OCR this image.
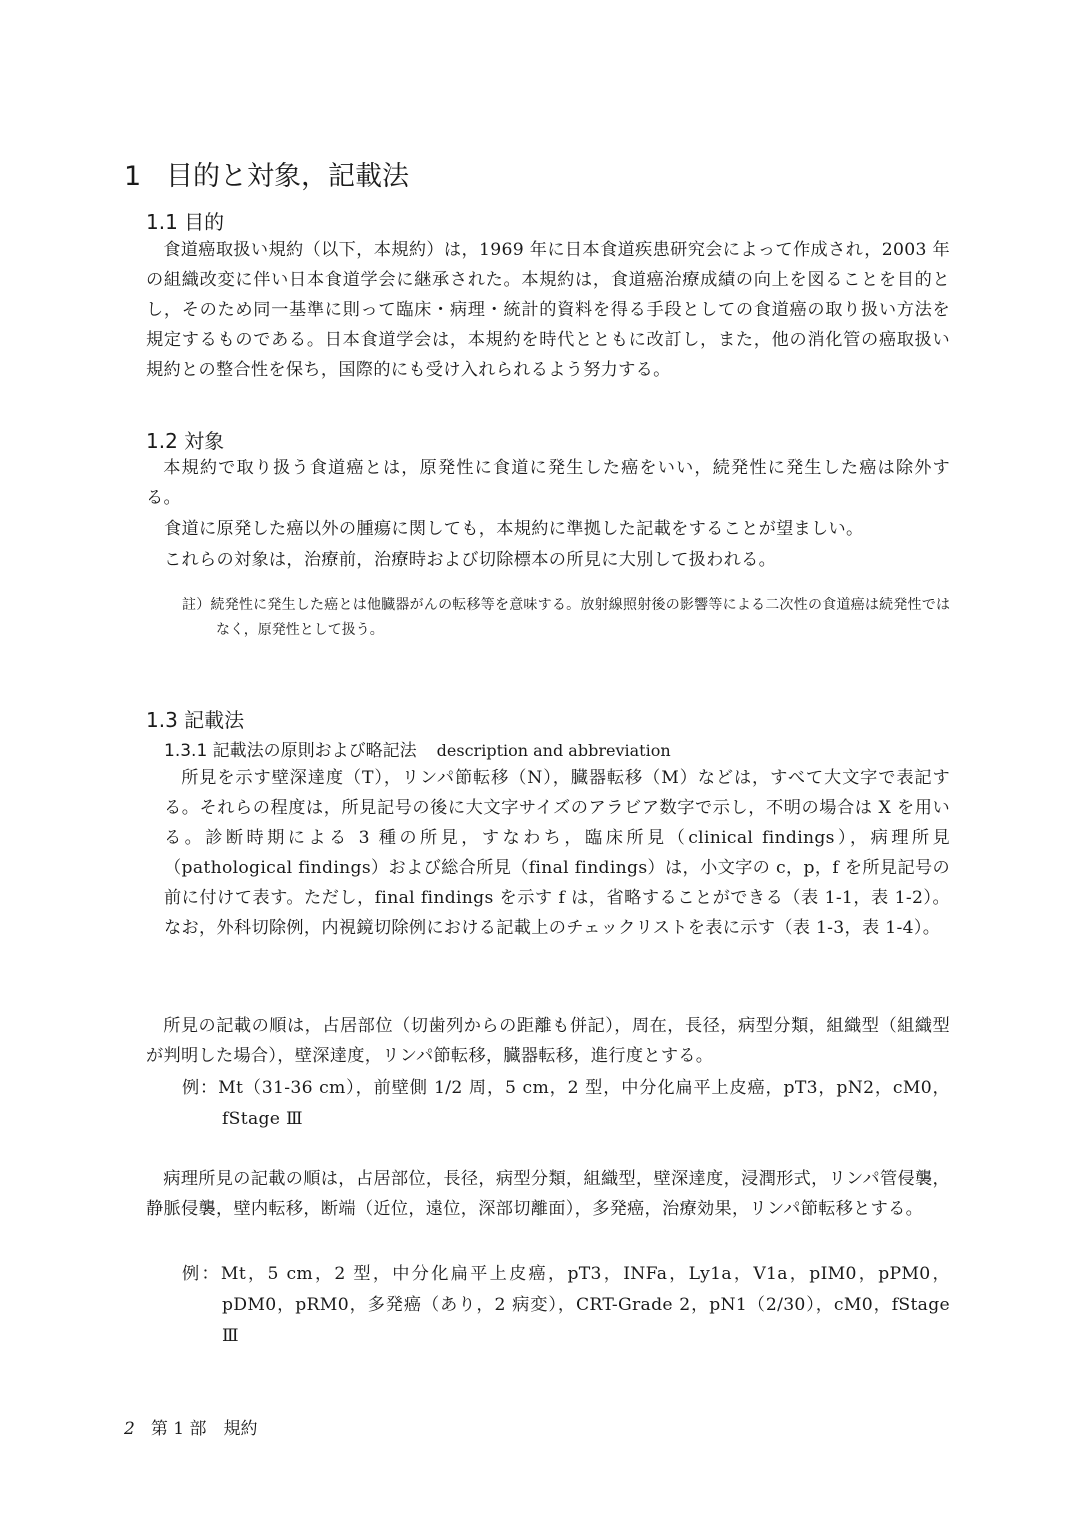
1 目的と対象，記載法
1.1 目的
食道癌取扱い規約（以下，本規約）は，1969 年に日本食道疾患研究会によって作成され，2003 年の組織改変に伴い日本食道学会に継承された。本規約は，食道癌治療成績の向上を図ることを目的とし，そのため同一基準に則って臨床・病理・統計的資料を得る手段としての食道癌の取り扱い方法を規定するものである。日本食道学会は，本規約を時代とともに改訂し，また，他の消化管の癌取扱い規約との整合性を保ち，国際的にも受け入れられるよう努力する。
1.2 対象
本規約で取り扱う食道癌とは，原発性に食道に発生した癌をいい，続発性に発生した癌は除外する。
食道に原発した癌以外の腫瘍に関しても，本規約に準拠した記載をすることが望ましい。
これらの対象は，治療前，治療時および切除標本の所見に大別して扱われる。
註）続発性に発生した癌とは他臓器がんの転移等を意味する。放射線照射後の影響等による二次性の食道癌は続発性ではなく，原発性として扱う。
1.3 記載法
1.3.1 記載法の原則および略記法 description and abbreviation
所見を示す壁深達度（T），リンパ節転移（N），臓器転移（M）などは，すべて大文字で表記する。それらの程度は，所見記号の後に大文字サイズのアラビア数字で示し，不明の場合は X を用いる。診断時期による 3 種の所見，すなわち，臨床所見（clinical findings），病理所見（pathological findings）および総合所見（final findings）は，小文字の c，p，f を所見記号の前に付けて表す。ただし，final findings を示す f は，省略することができる（表 1-1，表 1-2）。なお，外科切除例，内視鏡切除例における記載上のチェックリストを表に示す（表 1-3，表 1-4）。
所見の記載の順は，占居部位（切歯列からの距離も併記），周在，長径，病型分類，組織型（組織型が判明した場合），壁深達度，リンパ節転移，臓器転移，進行度とする。
例：Mt（31-36 cm），前壁側 1/2 周，5 cm，2 型，中分化扁平上皮癌，pT3，pN2，cM0，fStage Ⅲ
病理所見の記載の順は，占居部位，長径，病型分類，組織型，壁深達度，浸潤形式，リンパ管侵襲，静脈侵襲，壁内転移，断端（近位，遠位，深部切離面），多発癌，治療効果，リンパ節転移とする。
例：Mt，5 cm，2 型，中分化扁平上皮癌，pT3，INFa，Ly1a，V1a，pIM0，pPM0，pDM0，pRM0，多発癌（あり，2 病変），CRT-Grade 2，pN1（2/30），cM0，fStage Ⅲ
2 第 1 部　規約
